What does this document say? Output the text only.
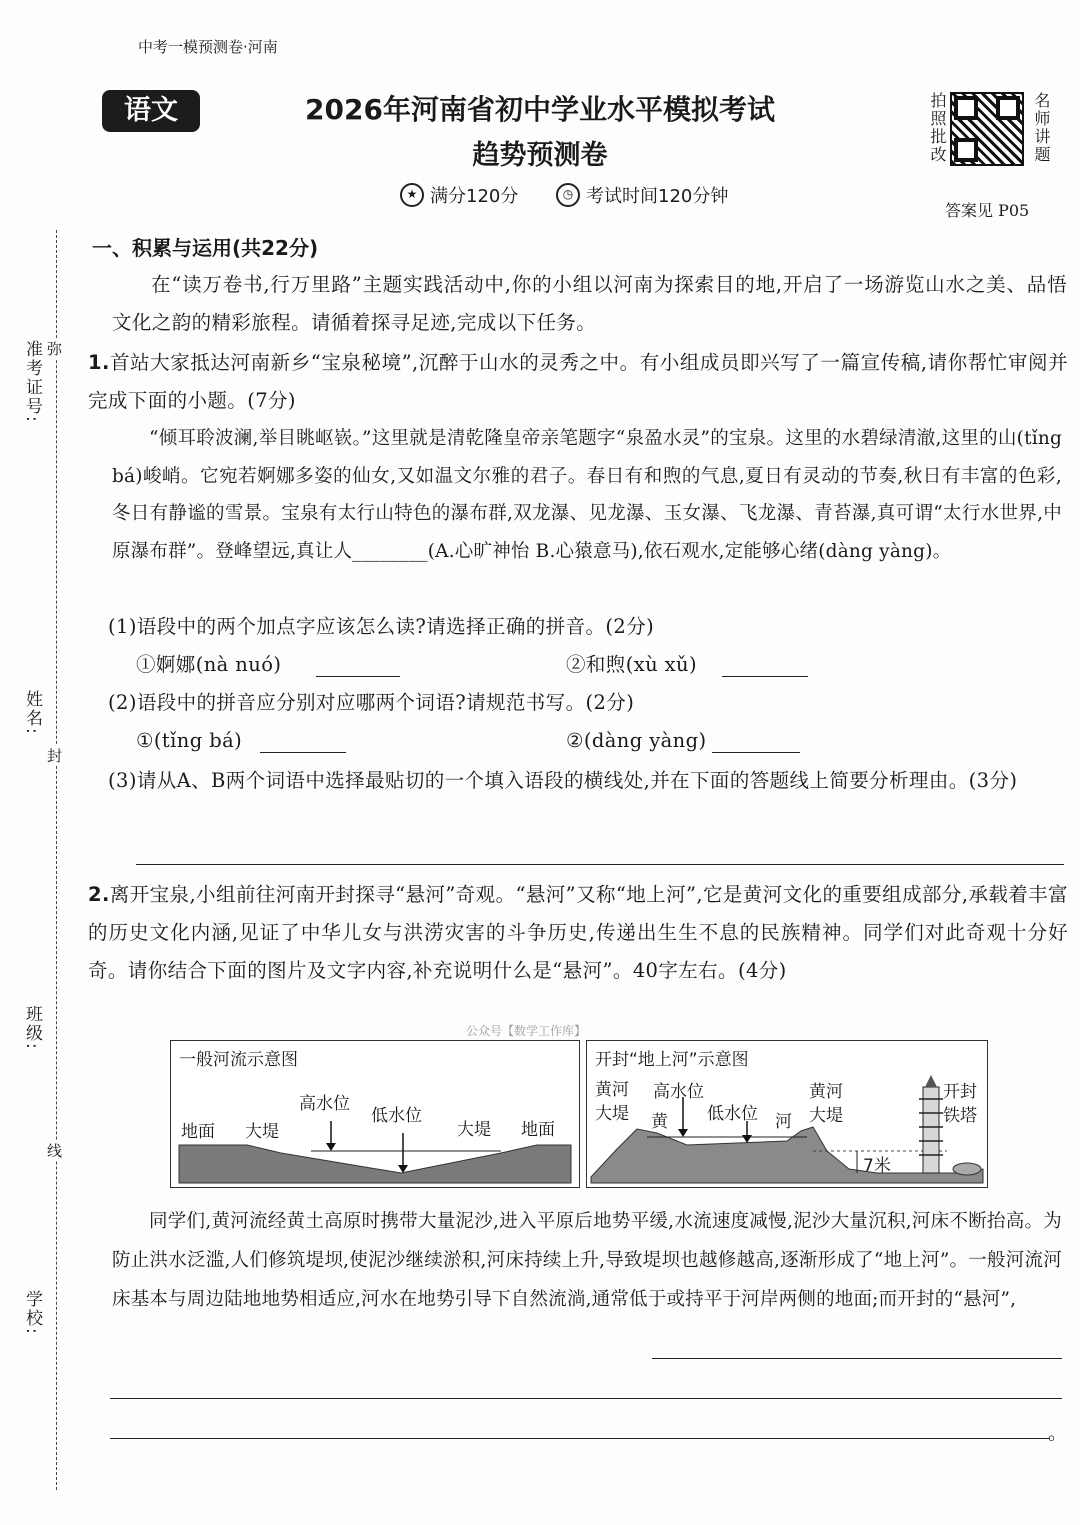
中考一模预测卷·河南
语文	2026年河南省初中学业水平模拟考试
趋势预测卷	拍照批改	名师讲题
★ 满分120分	◷ 考试时间120分钟
答案见 P05
准考证号:
姓名:
班级:
学校:
弥
封
线
一、积累与运用(共22分)
在“读万卷书,行万里路”主题实践活动中,你的小组以河南为探索目的地,开启了一场游览山水之美、品悟文化之韵的精彩旅程。请循着探寻足迹,完成以下任务。
1.首站大家抵达河南新乡“宝泉秘境”,沉醉于山水的灵秀之中。有小组成员即兴写了一篇宣传稿,请你帮忙审阅并完成下面的小题。(7分)
“倾耳聆波澜,举目眺岖嵚。”这里就是清乾隆皇帝亲笔题字“泉盈水灵”的宝泉。这里的水碧绿清澈,这里的山(tǐng bá)峻峭。它宛若婀娜多姿的仙女,又如温文尔雅的君子。春日有和煦的气息,夏日有灵动的节奏,秋日有丰富的色彩,冬日有静谧的雪景。宝泉有太行山特色的瀑布群,双龙瀑、见龙瀑、玉女瀑、飞龙瀑、青苔瀑,真可谓“太行水世界,中原瀑布群”。登峰望远,真让人________(A.心旷神怡 B.心猿意马),依石观水,定能够心绪(dàng yàng)。
(1)语段中的两个加点字应该怎么读?请选择正确的拼音。(2分)
①婀娜(nà nuó)	②和煦(xù xǔ)
(2)语段中的拼音应分别对应哪两个词语?请规范书写。(2分)
①(tǐng bá)	②(dàng yàng)
(3)请从A、B两个词语中选择最贴切的一个填入语段的横线处,并在下面的答题线上简要分析理由。(3分)
2.离开宝泉,小组前往河南开封探寻“悬河”奇观。“悬河”又称“地上河”,它是黄河文化的重要组成部分,承载着丰富的历史文化内涵,见证了中华儿女与洪涝灾害的斗争历史,传递出生生不息的民族精神。同学们对此奇观十分好奇。请你结合下面的图片及文字内容,补充说明什么是“悬河”。40字左右。(4分)
公众号【数学工作库】
一般河流示意图
地面 大堤
高水位
低水位
大堤 地面
开封“地上河”示意图
黄河
大堤
高水位
黄 低水位 河
黄河
大堤
开封
铁塔
7米
同学们,黄河流经黄土高原时携带大量泥沙,进入平原后地势平缓,水流速度减慢,泥沙大量沉积,河床不断抬高。为防止洪水泛滥,人们修筑堤坝,使泥沙继续淤积,河床持续上升,导致堤坝也越修越高,逐渐形成了“地上河”。一般河流河床基本与周边陆地地势相适应,河水在地势引导下自然流淌,通常低于或持平于河岸两侧的地面;而开封的“悬河”,
。
